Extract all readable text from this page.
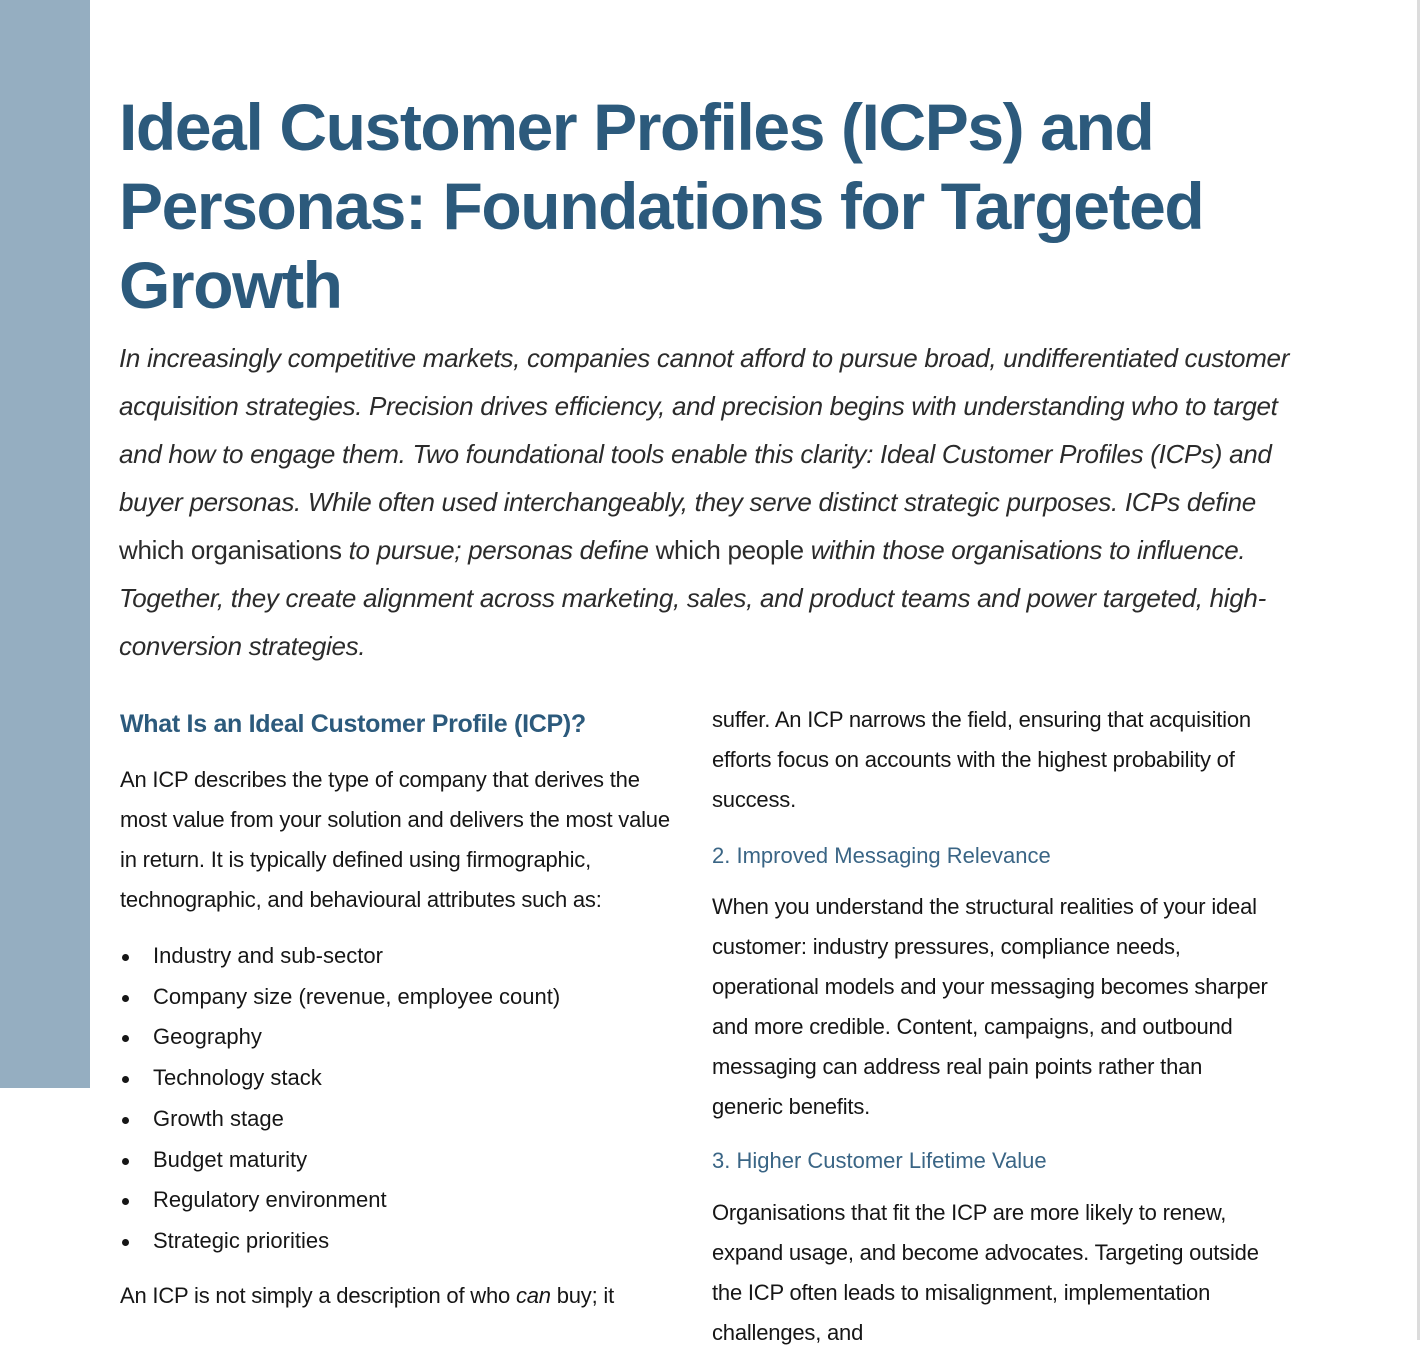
Ideal Customer Profiles (ICPs) and Personas: Foundations for Targeted Growth

In increasingly competitive markets, companies cannot afford to pursue broad, undifferentiated customer acquisition strategies. Precision drives efficiency, and precision begins with understanding who to target and how to engage them. Two foundational tools enable this clarity: Ideal Customer Profiles (ICPs) and buyer personas. While often used interchangeably, they serve distinct strategic purposes. ICPs define which organisations to pursue; personas define which people within those organisations to influence. Together, they create alignment across marketing, sales, and product teams and power targeted, high-conversion strategies.

What Is an Ideal Customer Profile (ICP)?

An ICP describes the type of company that derives the most value from your solution and delivers the most value in return. It is typically defined using firmographic, technographic, and behavioural attributes such as:

Industry and sub-sector
Company size (revenue, employee count)
Geography
Technology stack
Growth stage
Budget maturity
Regulatory environment
Strategic priorities

An ICP is not simply a description of who can buy; it

suffer. An ICP narrows the field, ensuring that acquisition efforts focus on accounts with the highest probability of success.

2. Improved Messaging Relevance

When you understand the structural realities of your ideal customer: industry pressures, compliance needs, operational models and your messaging becomes sharper and more credible. Content, campaigns, and outbound messaging can address real pain points rather than generic benefits.

3. Higher Customer Lifetime Value

Organisations that fit the ICP are more likely to renew, expand usage, and become advocates. Targeting outside the ICP often leads to misalignment, implementation challenges, and
